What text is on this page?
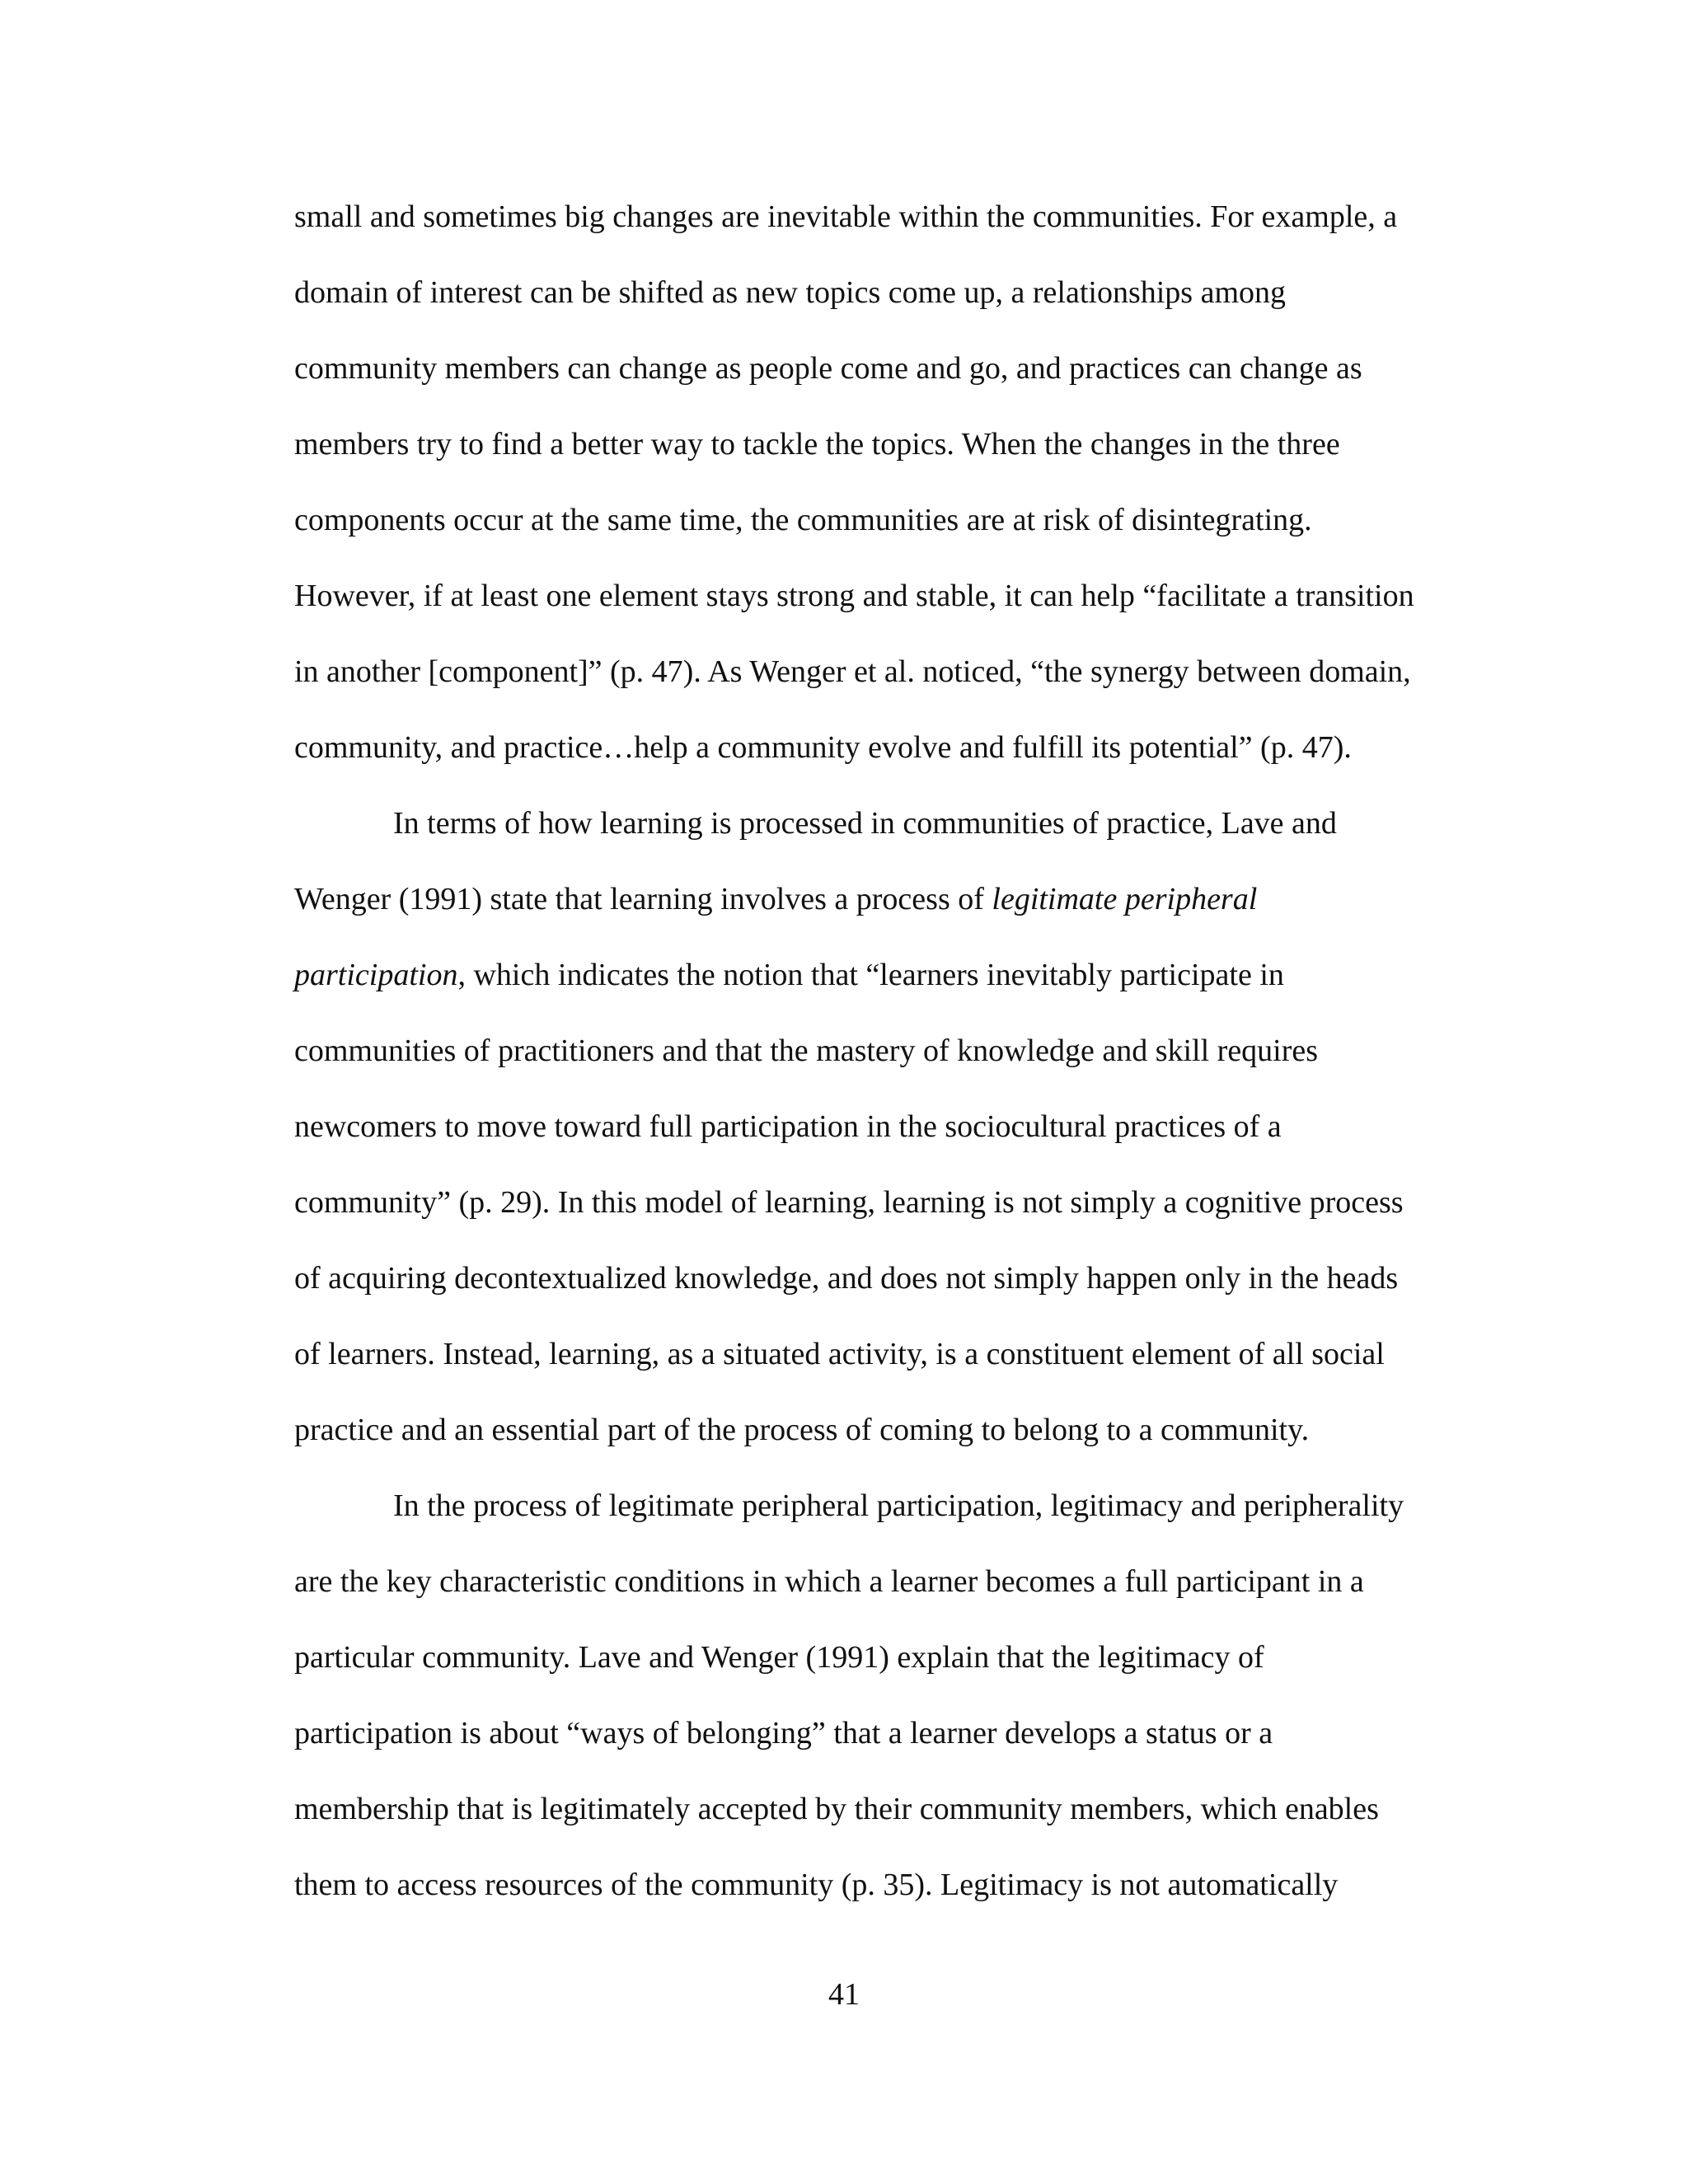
small and sometimes big changes are inevitable within the communities. For example, a
domain of interest can be shifted as new topics come up, a relationships among
community members can change as people come and go, and practices can change as
members try to find a better way to tackle the topics. When the changes in the three
components occur at the same time, the communities are at risk of disintegrating.
However, if at least one element stays strong and stable, it can help “facilitate a transition
in another [component]” (p. 47). As Wenger et al. noticed, “the synergy between domain,
community, and practice…help a community evolve and fulfill its potential” (p. 47).
In terms of how learning is processed in communities of practice, Lave and
Wenger (1991) state that learning involves a process of legitimate peripheral
participation, which indicates the notion that “learners inevitably participate in
communities of practitioners and that the mastery of knowledge and skill requires
newcomers to move toward full participation in the sociocultural practices of a
community” (p. 29). In this model of learning, learning is not simply a cognitive process
of acquiring decontextualized knowledge, and does not simply happen only in the heads
of learners. Instead, learning, as a situated activity, is a constituent element of all social
practice and an essential part of the process of coming to belong to a community.
In the process of legitimate peripheral participation, legitimacy and peripherality
are the key characteristic conditions in which a learner becomes a full participant in a
particular community. Lave and Wenger (1991) explain that the legitimacy of
participation is about “ways of belonging” that a learner develops a status or a
membership that is legitimately accepted by their community members, which enables
them to access resources of the community (p. 35). Legitimacy is not automatically
41
